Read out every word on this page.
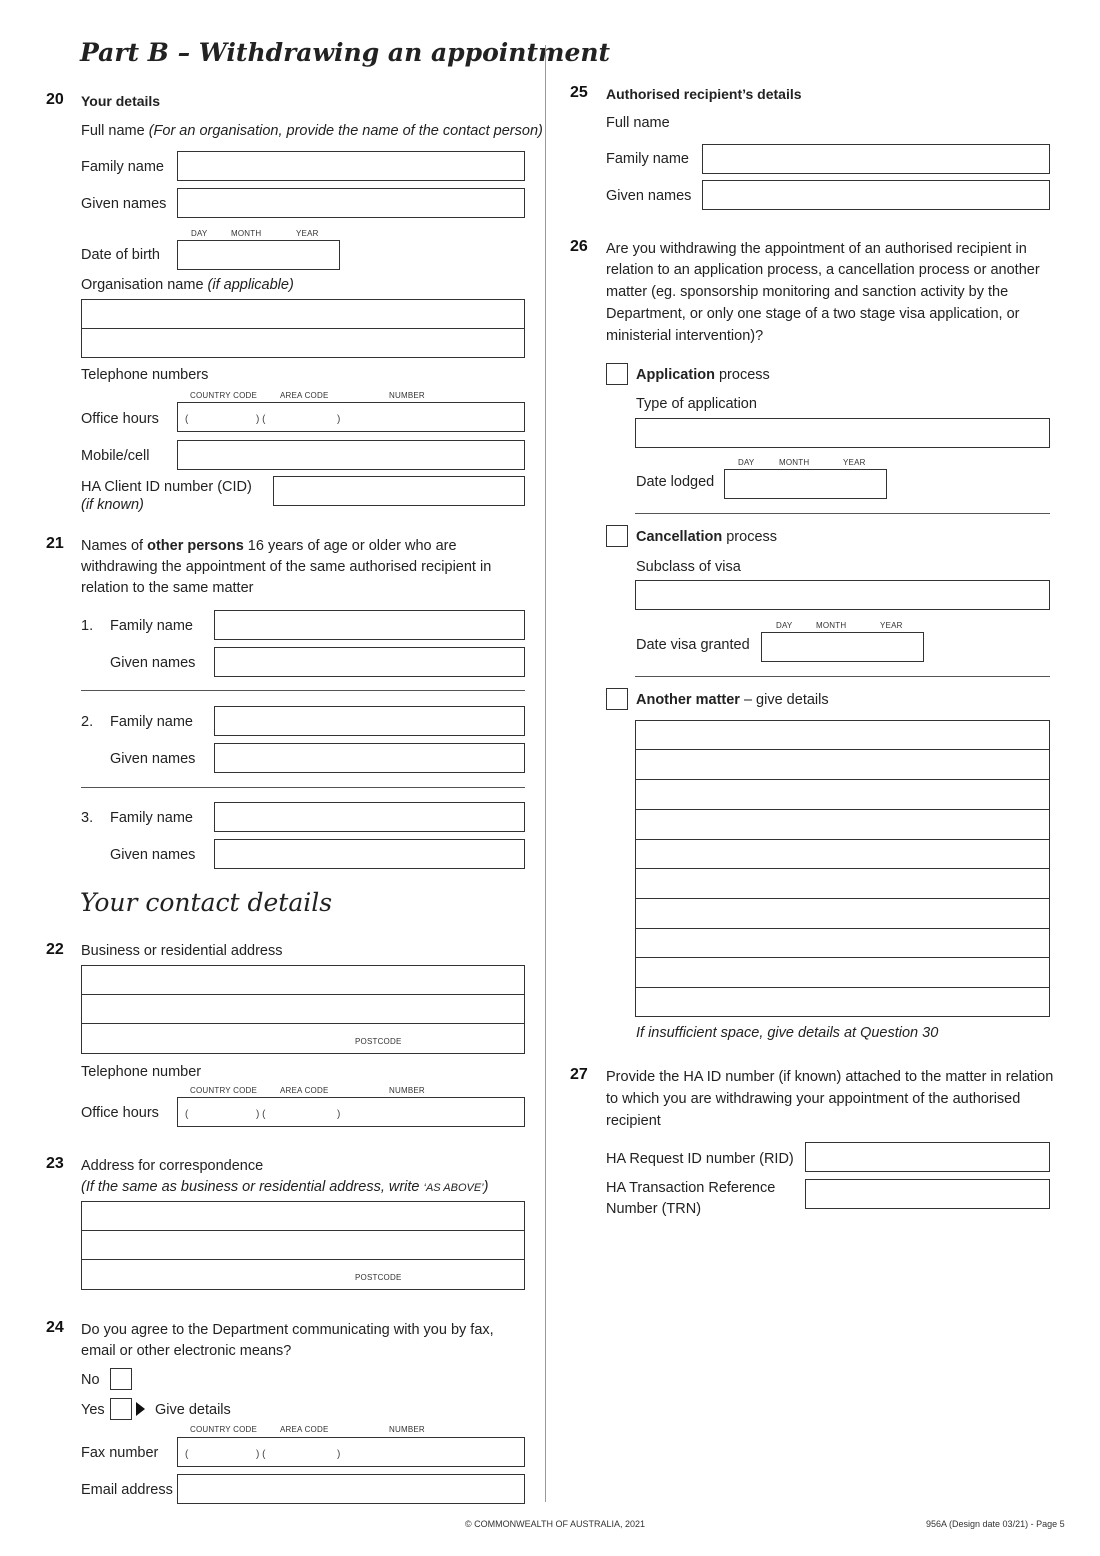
Part B – Withdrawing an appointment
20 Your details
Full name (For an organisation, provide the name of the contact person)
Family name
Given names
DAY	MONTH	YEAR
Date of birth
Organisation name (if applicable)
Telephone numbers
COUNTRY CODE	AREA CODE	NUMBER
Office hours	(	) (	)
Mobile/cell
HA Client ID number (CID)
(if known)
21 Names of other persons 16 years of age or older who are
withdrawing the appointment of the same authorised recipient in
relation to the same matter
1. Family name
Given names
2. Family name
Given names
3. Family name
Given names
Your contact details
22 Business or residential address
POSTCODE
Telephone number
COUNTRY CODE	AREA CODE	NUMBER
Office hours	(	) (	)
23 Address for correspondence
(If the same as business or residential address, write ‘AS ABOVE’)
POSTCODE
24 Do you agree to the Department communicating with you by fax,
email or other electronic means?
No
Yes	Give details
COUNTRY CODE	AREA CODE	NUMBER
Fax number	(	) (	)
Email address
25 Authorised recipient’s details
Full name
Family name
Given names
26 Are you withdrawing the appointment of an authorised recipient in
relation to an application process, a cancellation process or another
matter (eg. sponsorship monitoring and sanction activity by the
Department, or only one stage of a two stage visa application, or
ministerial intervention)?
Application process
Type of application
DAY	MONTH	YEAR
Date lodged
Cancellation process
Subclass of visa
DAY	MONTH	YEAR
Date visa granted
Another matter – give details
If insufficient space, give details at Question 30
27 Provide the HA ID number (if known) attached to the matter in relation
to which you are withdrawing your appointment of the authorised
recipient
HA Request ID number (RID)
HA Transaction Reference
Number (TRN)
© COMMONWEALTH OF AUSTRALIA, 2021	956A (Design date 03/21) - Page 5
